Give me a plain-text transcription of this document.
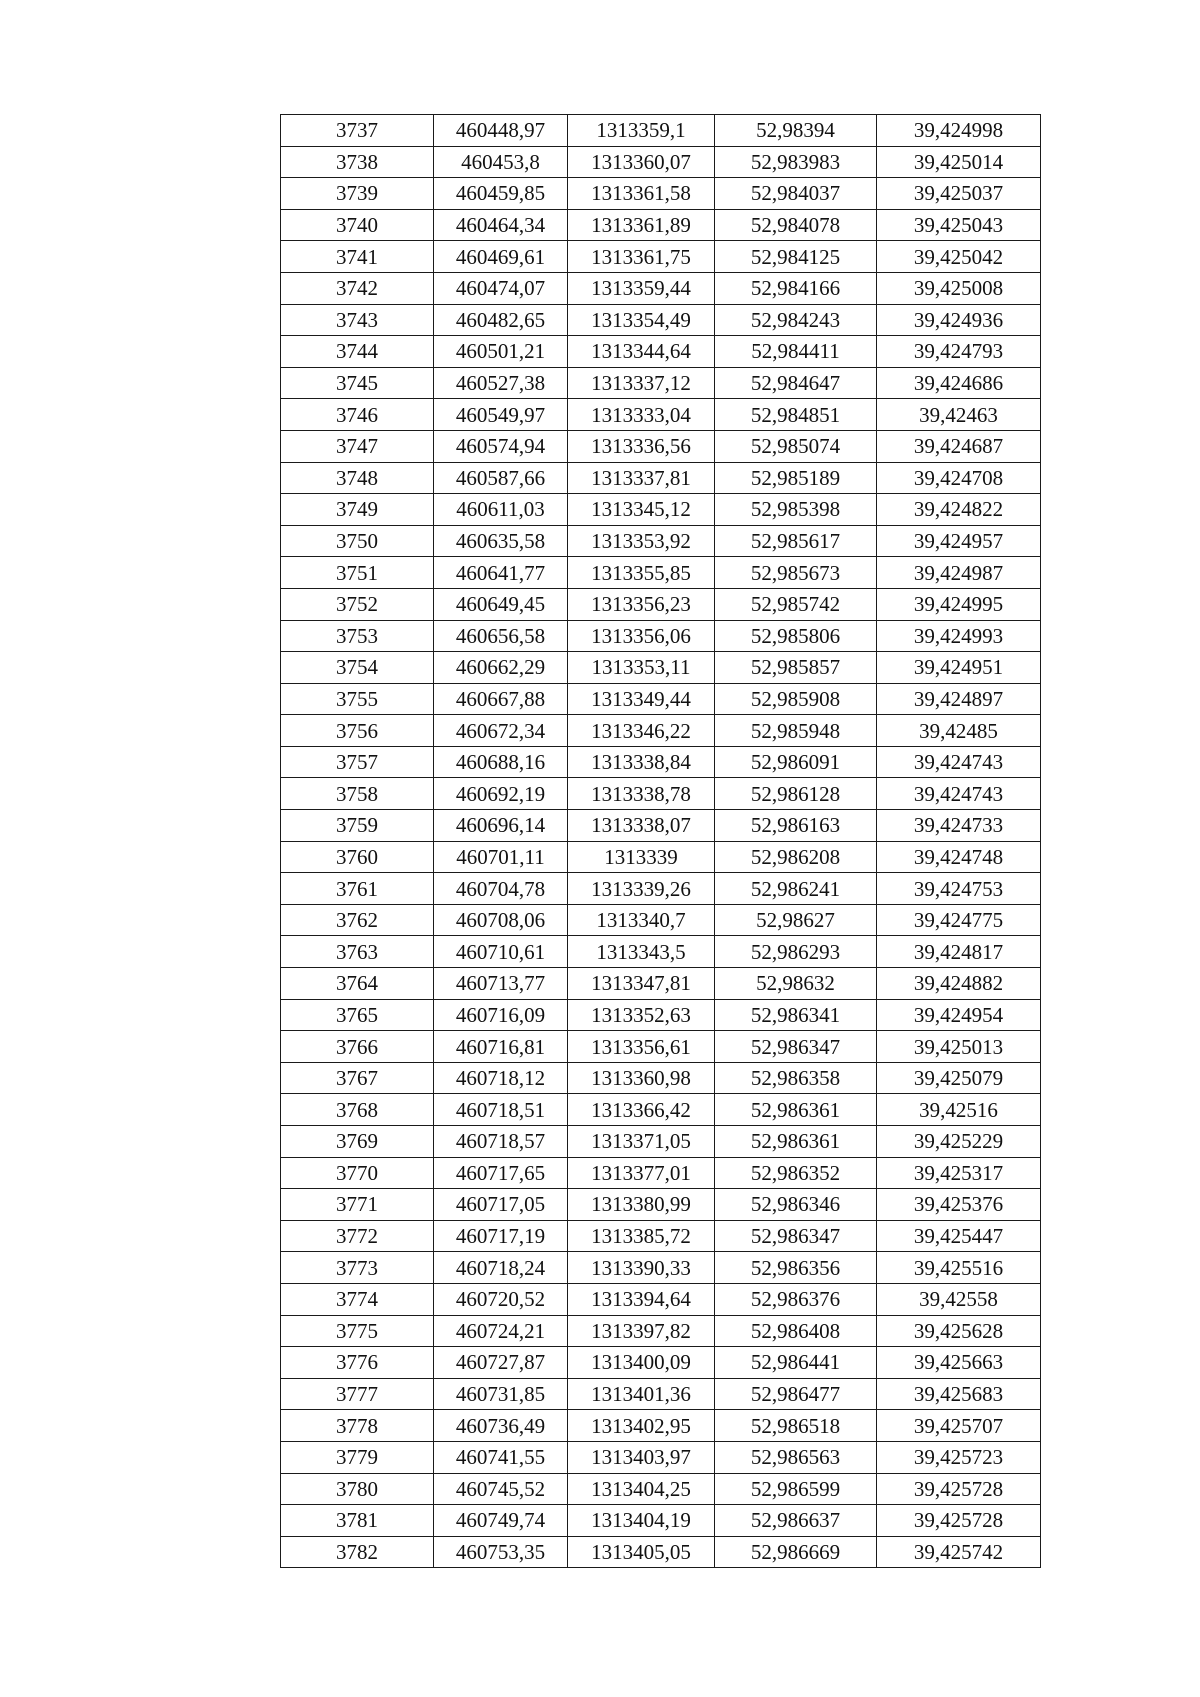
3737	460448,97	1313359,1	52,98394	39,424998
3738	460453,8	1313360,07	52,983983	39,425014
3739	460459,85	1313361,58	52,984037	39,425037
3740	460464,34	1313361,89	52,984078	39,425043
3741	460469,61	1313361,75	52,984125	39,425042
3742	460474,07	1313359,44	52,984166	39,425008
3743	460482,65	1313354,49	52,984243	39,424936
3744	460501,21	1313344,64	52,984411	39,424793
3745	460527,38	1313337,12	52,984647	39,424686
3746	460549,97	1313333,04	52,984851	39,42463
3747	460574,94	1313336,56	52,985074	39,424687
3748	460587,66	1313337,81	52,985189	39,424708
3749	460611,03	1313345,12	52,985398	39,424822
3750	460635,58	1313353,92	52,985617	39,424957
3751	460641,77	1313355,85	52,985673	39,424987
3752	460649,45	1313356,23	52,985742	39,424995
3753	460656,58	1313356,06	52,985806	39,424993
3754	460662,29	1313353,11	52,985857	39,424951
3755	460667,88	1313349,44	52,985908	39,424897
3756	460672,34	1313346,22	52,985948	39,42485
3757	460688,16	1313338,84	52,986091	39,424743
3758	460692,19	1313338,78	52,986128	39,424743
3759	460696,14	1313338,07	52,986163	39,424733
3760	460701,11	1313339	52,986208	39,424748
3761	460704,78	1313339,26	52,986241	39,424753
3762	460708,06	1313340,7	52,98627	39,424775
3763	460710,61	1313343,5	52,986293	39,424817
3764	460713,77	1313347,81	52,98632	39,424882
3765	460716,09	1313352,63	52,986341	39,424954
3766	460716,81	1313356,61	52,986347	39,425013
3767	460718,12	1313360,98	52,986358	39,425079
3768	460718,51	1313366,42	52,986361	39,42516
3769	460718,57	1313371,05	52,986361	39,425229
3770	460717,65	1313377,01	52,986352	39,425317
3771	460717,05	1313380,99	52,986346	39,425376
3772	460717,19	1313385,72	52,986347	39,425447
3773	460718,24	1313390,33	52,986356	39,425516
3774	460720,52	1313394,64	52,986376	39,42558
3775	460724,21	1313397,82	52,986408	39,425628
3776	460727,87	1313400,09	52,986441	39,425663
3777	460731,85	1313401,36	52,986477	39,425683
3778	460736,49	1313402,95	52,986518	39,425707
3779	460741,55	1313403,97	52,986563	39,425723
3780	460745,52	1313404,25	52,986599	39,425728
3781	460749,74	1313404,19	52,986637	39,425728
3782	460753,35	1313405,05	52,986669	39,425742
